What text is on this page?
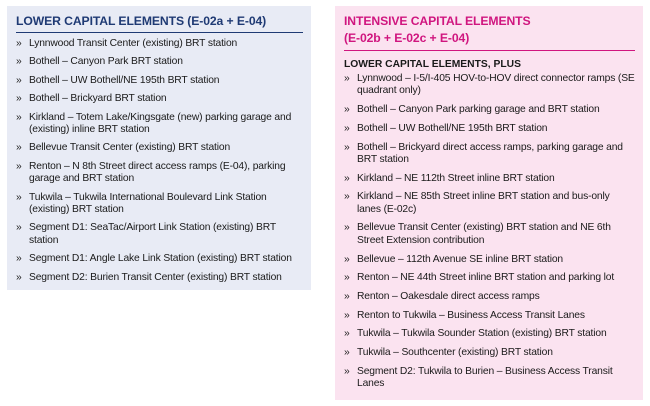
LOWER CAPITAL ELEMENTS (E-02a + E-04)
» Lynnwood Transit Center (existing) BRT station
» Bothell – Canyon Park BRT station
» Bothell – UW Bothell/NE 195th BRT station
» Bothell – Brickyard BRT station
» Kirkland – Totem Lake/Kingsgate (new) parking garage and (existing) inline BRT station
» Bellevue Transit Center (existing) BRT station
» Renton – N 8th Street direct access ramps (E-04), parking garage and BRT station
» Tukwila – Tukwila International Boulevard Link Station (existing) BRT station
» Segment D1: SeaTac/Airport Link Station (existing) BRT station
» Segment D1: Angle Lake Link Station (existing) BRT station
» Segment D2: Burien Transit Center (existing) BRT station
INTENSIVE CAPITAL ELEMENTS
(E-02b + E-02c + E-04)
LOWER CAPITAL ELEMENTS, PLUS
» Lynnwood – I-5/I-405 HOV-to-HOV direct connector ramps (SE quadrant only)
» Bothell – Canyon Park parking garage and BRT station
» Bothell – UW Bothell/NE 195th BRT station
» Bothell – Brickyard direct access ramps, parking garage and BRT station
» Kirkland – NE 112th Street inline BRT station
» Kirkland – NE 85th Street inline BRT station and bus-only lanes (E-02c)
» Bellevue Transit Center (existing) BRT station and NE 6th Street Extension contribution
» Bellevue – 112th Avenue SE inline BRT station
» Renton – NE 44th Street inline BRT station and parking lot
» Renton – Oakesdale direct access ramps
» Renton to Tukwila – Business Access Transit Lanes
» Tukwila – Tukwila Sounder Station (existing) BRT station
» Tukwila – Southcenter (existing) BRT station
» Segment D2: Tukwila to Burien – Business Access Transit Lanes
